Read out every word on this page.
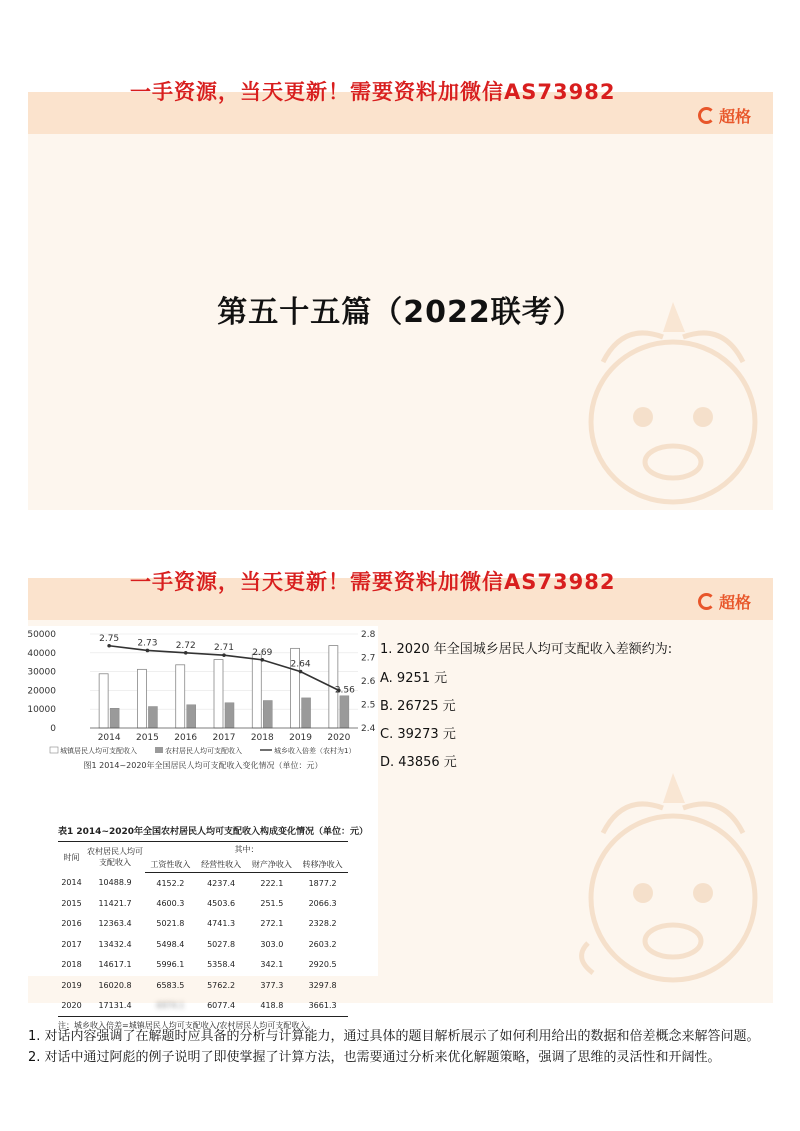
超格
第五十五篇（2022联考）
一手资源，当天更新！需要资料加微信AS73982
超格
2.75 2.73 2.72 2.71 2.69
2.64
2.56
0
10000
20000
30000
40000
50000
2.4
2.5
2.6
2.7
2.8
2014 2015 2016 2017 2018 2019 2020
城镇居民人均可支配收入	农村居民人均可支配收入	城乡收入倍差（农村为1）
图1 2014~2020年全国居民人均可支配收入变化情况（单位：元）
表1 2014~2020年全国农村居民人均可支配收入构成变化情况（单位：元）
时间	农村居民人均可支配收入	其中：			
		工资性收入	经营性收入	财产净收入	转移净收入
2014	10488.9	4152.2	4237.4	222.1	1877.2
2015	11421.7	4600.3	4503.6	251.5	2066.3
2016	12363.4	5021.8	4741.3	272.1	2328.2
2017	13432.4	5498.4	5027.8	303.0	2603.2
2018	14617.1	5996.1	5358.4	342.1	2920.5
2019	16020.8	6583.5	5762.2	377.3	3297.8
2020	17131.4	6974.1	6077.4	418.8	3661.3
注：城乡收入倍差=城镇居民人均可支配收入/农村居民人均可支配收入。
1. 2020 年全国城乡居民人均可支配收入差额约为:
A. 9251 元
B. 26725 元
C. 39273 元
D. 43856 元
一手资源，当天更新！需要资料加微信AS73982

1. 对话内容强调了在解题时应具备的分析与计算能力，通过具体的题目解析展示了如何利用给出的数据和倍差概念来解答问题。

2. 对话中通过阿彪的例子说明了即使掌握了计算方法，也需要通过分析来优化解题策略，强调了思维的灵活性和开阔性。
